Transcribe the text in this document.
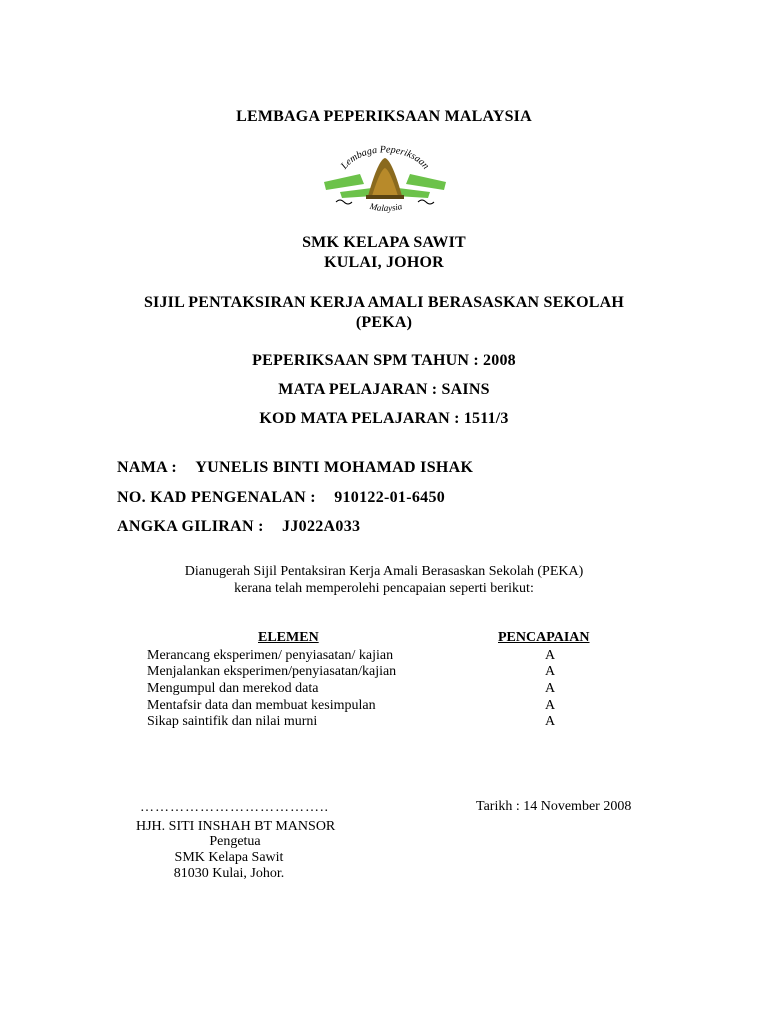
LEMBAGA PEPERIKSAAN MALAYSIA
Lembaga Peperiksaan
Malaysia
SMK KELAPA SAWIT
KULAI, JOHOR
SIJIL PENTAKSIRAN KERJA AMALI BERASASKAN SEKOLAH
(PEKA)
PEPERIKSAAN SPM TAHUN : 2008
MATA PELAJARAN : SAINS
KOD MATA PELAJARAN : 1511/3
NAMA : YUNELIS BINTI MOHAMAD ISHAK
NO. KAD PENGENALAN : 910122-01-6450
ANGKA GILIRAN : JJ022A033
Dianugerah Sijil Pentaksiran Kerja Amali Berasaskan Sekolah (PEKA)
kerana telah memperolehi pencapaian seperti berikut:
ELEMEN	PENCAPAIAN
Merancang eksperimen/ penyiasatan/ kajian	A
Menjalankan eksperimen/penyiasatan/kajian	A
Mengumpul dan merekod data	A
Mentafsir data dan membuat kesimpulan	A
Sikap saintifik dan nilai murni	A
………………………………..	Tarikh : 14 November 2008
HJH. SITI INSHAH BT MANSOR
Pengetua
SMK Kelapa Sawit
81030 Kulai, Johor.
